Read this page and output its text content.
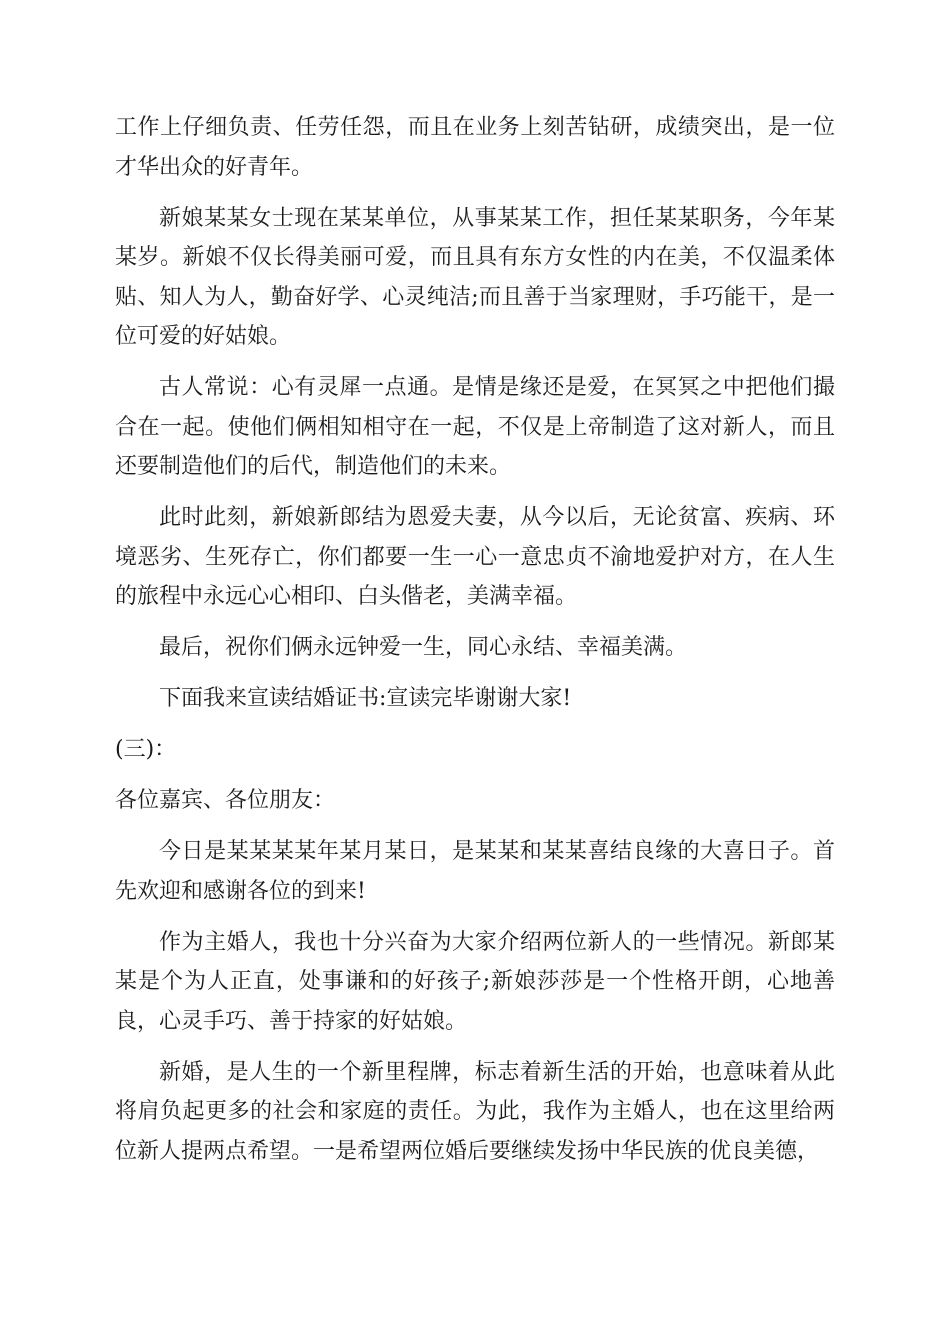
工作上仔细负责、任劳任怨，而且在业务上刻苦钻研，成绩突出，是一位才华出众的好青年。

新娘某某女士现在某某单位，从事某某工作，担任某某职务，今年某某岁。新娘不仅长得美丽可爱，而且具有东方女性的内在美，不仅温柔体贴、知人为人，勤奋好学、心灵纯洁;而且善于当家理财，手巧能干，是一位可爱的好姑娘。

古人常说：心有灵犀一点通。是情是缘还是爱，在冥冥之中把他们撮合在一起。使他们俩相知相守在一起，不仅是上帝制造了这对新人，而且还要制造他们的后代，制造他们的未来。

此时此刻，新娘新郎结为恩爱夫妻，从今以后，无论贫富、疾病、环境恶劣、生死存亡，你们都要一生一心一意忠贞不渝地爱护对方，在人生的旅程中永远心心相印、白头偕老，美满幸福。

最后，祝你们俩永远钟爱一生，同心永结、幸福美满。

下面我来宣读结婚证书:宣读完毕谢谢大家!

(三)：

各位嘉宾、各位朋友：

今日是某某某某年某月某日，是某某和某某喜结良缘的大喜日子。首先欢迎和感谢各位的到来!

作为主婚人，我也十分兴奋为大家介绍两位新人的一些情况。新郎某某是个为人正直，处事谦和的好孩子;新娘莎莎是一个性格开朗，心地善良，心灵手巧、善于持家的好姑娘。

新婚，是人生的一个新里程牌，标志着新生活的开始，也意味着从此将肩负起更多的社会和家庭的责任。为此，我作为主婚人，也在这里给两位新人提两点希望。一是希望两位婚后要继续发扬中华民族的优良美德，
